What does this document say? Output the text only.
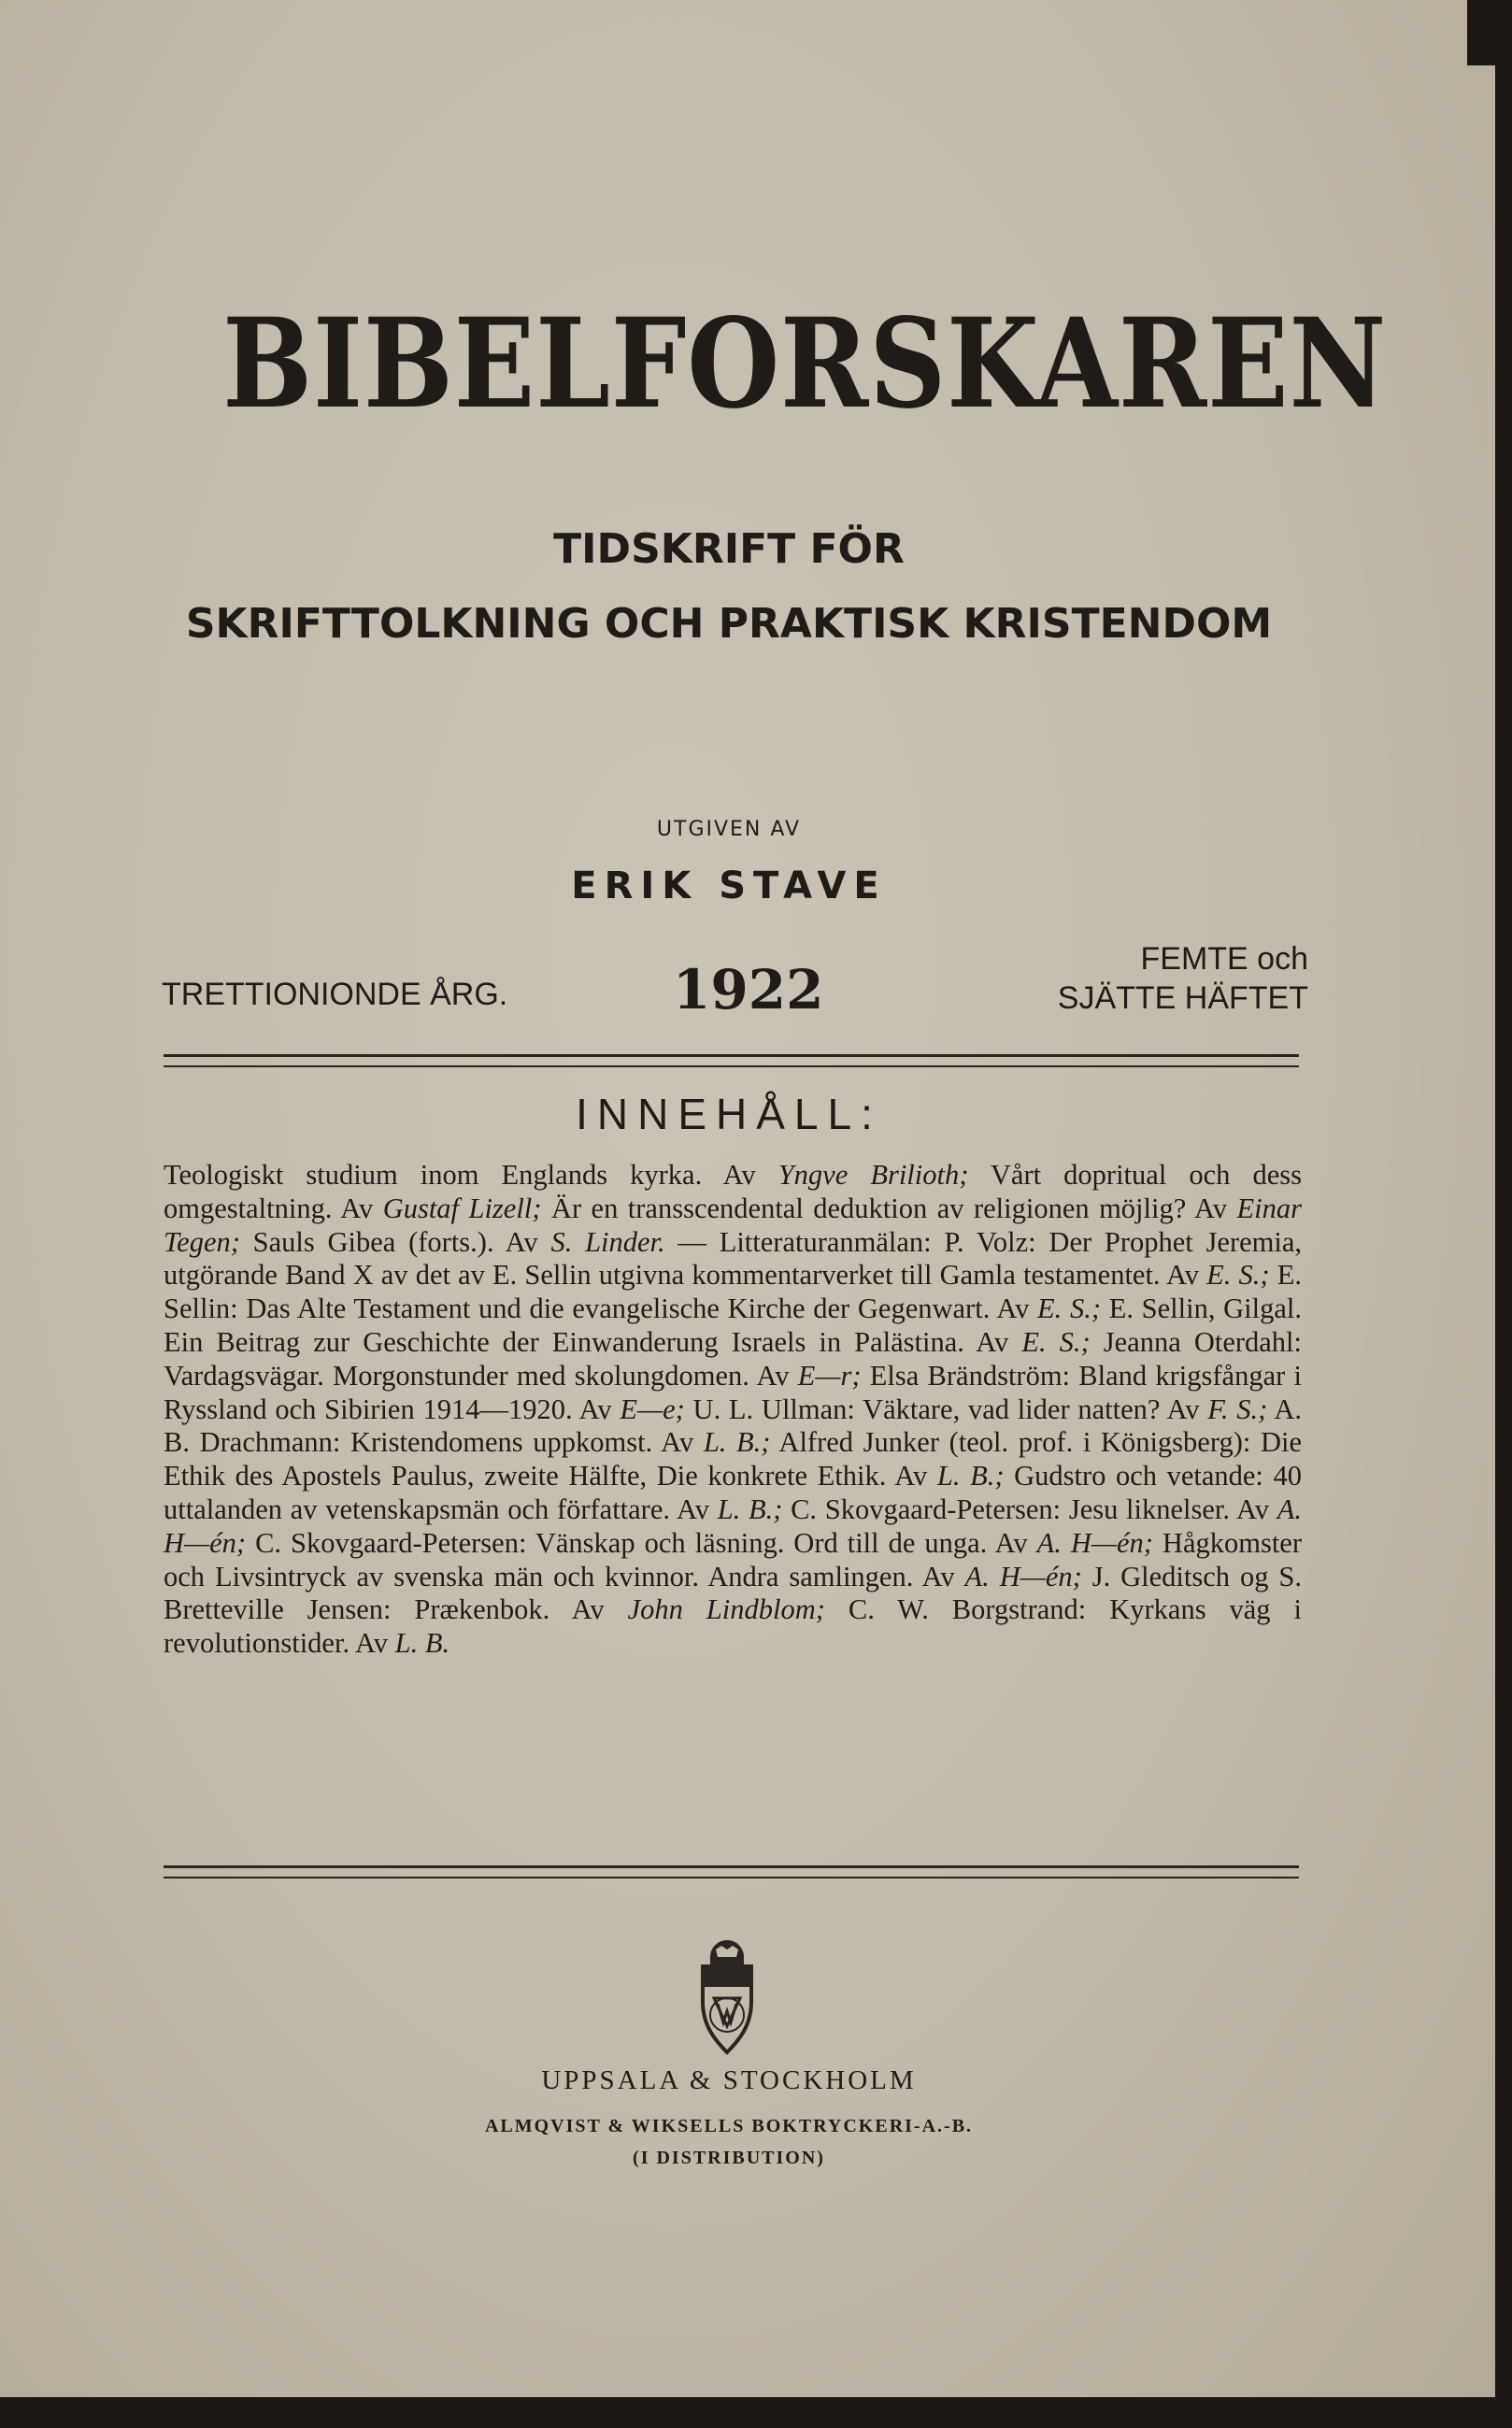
BIBELFORSKAREN
TIDSKRIFT FÖR
SKRIFTTOLKNING OCH PRAKTISK KRISTENDOM
UTGIVEN AV
ERIK STAVE
TRETTIONIONDE ÅRG.	1922	FEMTE och
SJÄTTE HÄFTET
INNEHÅLL:
Teologiskt studium inom Englands kyrka. Av Yngve Brilioth; Vårt dopritual och dess omgestaltning. Av Gustaf Lizell; Är en transscendental deduktion av religionen möjlig? Av Einar Tegen; Sauls Gibea (forts.). Av S. Linder. — Litteraturanmälan: P. Volz: Der Prophet Jeremia, utgörande Band X av det av E. Sellin utgivna kommentarverket till Gamla testamentet. Av E. S.; E. Sellin: Das Alte Testament und die evangelische Kirche der Gegenwart. Av E. S.; E. Sellin, Gilgal. Ein Beitrag zur Geschichte der Einwanderung Israels in Palästina. Av E. S.; Jeanna Oterdahl: Vardagsvägar. Morgonstunder med skolungdomen. Av E—r; Elsa Brändström: Bland krigsfångar i Ryssland och Sibirien 1914—1920. Av E—e; U. L. Ullman: Väktare, vad lider natten? Av F. S.; A. B. Drachmann: Kristendomens uppkomst. Av L. B.; Alfred Junker (teol. prof. i Königsberg): Die Ethik des Apostels Paulus, zweite Hälfte, Die konkrete Ethik. Av L. B.; Gudstro och vetande: 40 uttalanden av vetenskapsmän och författare. Av L. B.; C. Skovgaard-Petersen: Jesu liknelser. Av A. H—én; C. Skovgaard-Petersen: Vänskap och läsning. Ord till de unga. Av A. H—én; Hågkomster och Livsintryck av svenska män och kvinnor. Andra samlingen. Av A. H—én; J. Gleditsch og S. Bretteville Jensen: Prækenbok. Av John Lindblom; C. W. Borgstrand: Kyrkans väg i revolutionstider. Av L. B.
UPPSALA & STOCKHOLM
ALMQVIST & WIKSELLS BOKTRYCKERI-A.-B.
(I DISTRIBUTION)
